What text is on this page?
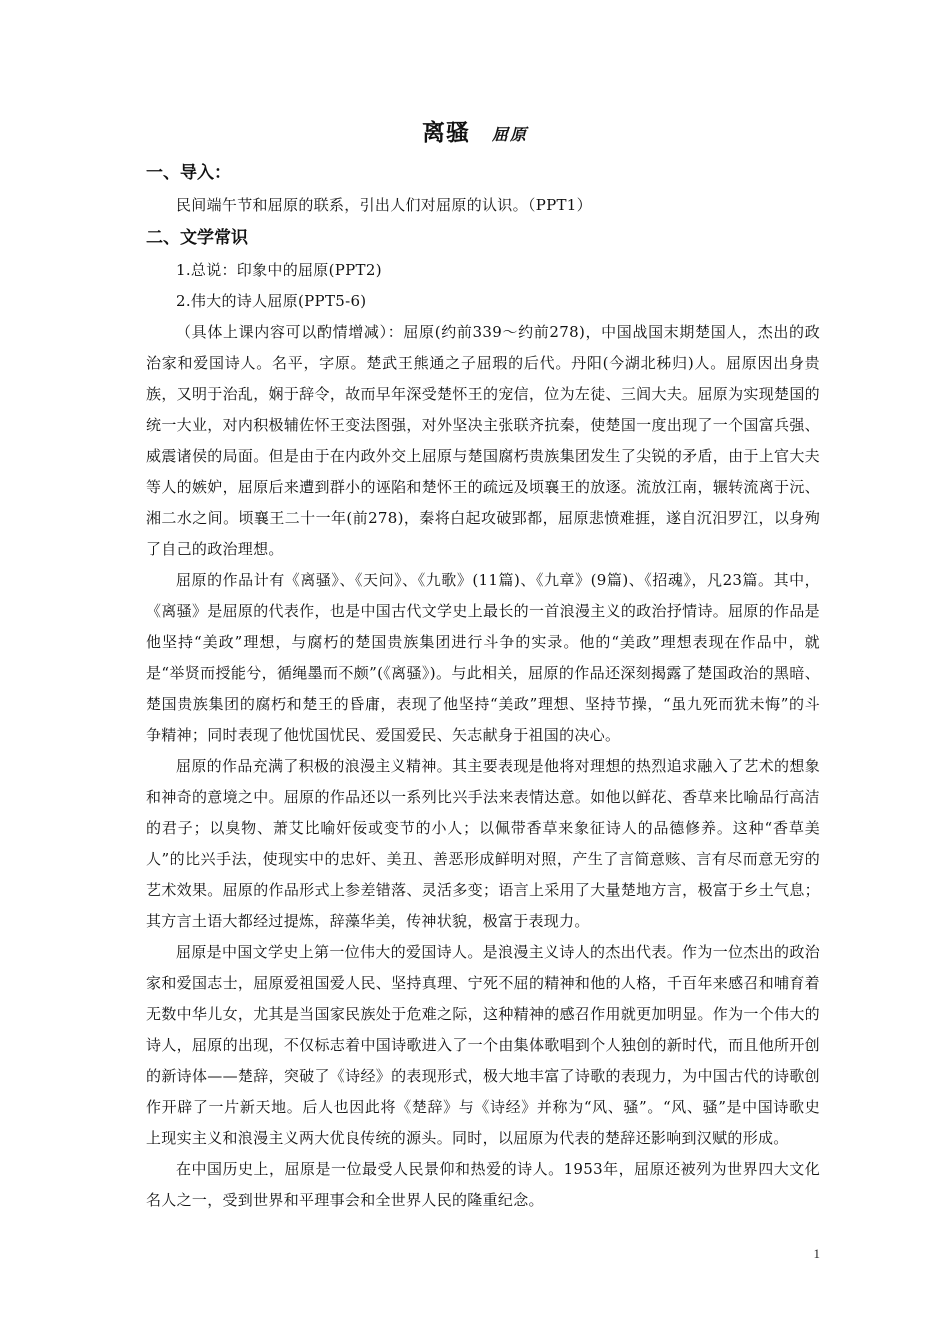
离骚 屈原
一、导入：

民间端午节和屈原的联系，引出人们对屈原的认识。（PPT1）

二、文学常识

1.总说：印象中的屈原(PPT2)

2.伟大的诗人屈原(PPT5-6)

（具体上课内容可以酌情增减）：屈原(约前339～约前278)，中国战国末期楚国人，杰出的政治家和爱国诗人。名平，字原。楚武王熊通之子屈瑕的后代。丹阳(今湖北秭归)人。屈原因出身贵族，又明于治乱，娴于辞令，故而早年深受楚怀王的宠信，位为左徒、三闾大夫。屈原为实现楚国的统一大业，对内积极辅佐怀王变法图强，对外坚决主张联齐抗秦，使楚国一度出现了一个国富兵强、威震诸侯的局面。但是由于在内政外交上屈原与楚国腐朽贵族集团发生了尖锐的矛盾，由于上官大夫等人的嫉妒，屈原后来遭到群小的诬陷和楚怀王的疏远及顷襄王的放逐。流放江南，辗转流离于沅、湘二水之间。顷襄王二十一年(前278)，秦将白起攻破郢都，屈原悲愤难捱，遂自沉汨罗江，以身殉了自己的政治理想。

屈原的作品计有《离骚》、《天问》、《九歌》(11篇)、《九章》(9篇)、《招魂》，凡23篇。其中，《离骚》是屈原的代表作，也是中国古代文学史上最长的一首浪漫主义的政治抒情诗。屈原的作品是他坚持“美政”理想，与腐朽的楚国贵族集团进行斗争的实录。他的“美政”理想表现在作品中，就是“举贤而授能兮，循绳墨而不颇”(《离骚》)。与此相关，屈原的作品还深刻揭露了楚国政治的黑暗、楚国贵族集团的腐朽和楚王的昏庸，表现了他坚持“美政”理想、坚持节操，“虽九死而犹未悔”的斗争精神；同时表现了他忧国忧民、爱国爱民、矢志献身于祖国的决心。

屈原的作品充满了积极的浪漫主义精神。其主要表现是他将对理想的热烈追求融入了艺术的想象和神奇的意境之中。屈原的作品还以一系列比兴手法来表情达意。如他以鲜花、香草来比喻品行高洁的君子；以臭物、萧艾比喻奸佞或变节的小人；以佩带香草来象征诗人的品德修养。这种“香草美人”的比兴手法，使现实中的忠奸、美丑、善恶形成鲜明对照，产生了言简意赅、言有尽而意无穷的艺术效果。屈原的作品形式上参差错落、灵活多变；语言上采用了大量楚地方言，极富于乡土气息；其方言土语大都经过提炼，辞藻华美，传神状貌，极富于表现力。

屈原是中国文学史上第一位伟大的爱国诗人。是浪漫主义诗人的杰出代表。作为一位杰出的政治家和爱国志士，屈原爱祖国爱人民、坚持真理、宁死不屈的精神和他的人格，千百年来感召和哺育着无数中华儿女，尤其是当国家民族处于危难之际，这种精神的感召作用就更加明显。作为一个伟大的诗人，屈原的出现，不仅标志着中国诗歌进入了一个由集体歌唱到个人独创的新时代，而且他所开创的新诗体——楚辞，突破了《诗经》的表现形式，极大地丰富了诗歌的表现力，为中国古代的诗歌创作开辟了一片新天地。后人也因此将《楚辞》与《诗经》并称为“风、骚”。“风、骚”是中国诗歌史上现实主义和浪漫主义两大优良传统的源头。同时，以屈原为代表的楚辞还影响到汉赋的形成。

在中国历史上，屈原是一位最受人民景仰和热爱的诗人。1953年，屈原还被列为世界四大文化名人之一，受到世界和平理事会和全世界人民的隆重纪念。

1
